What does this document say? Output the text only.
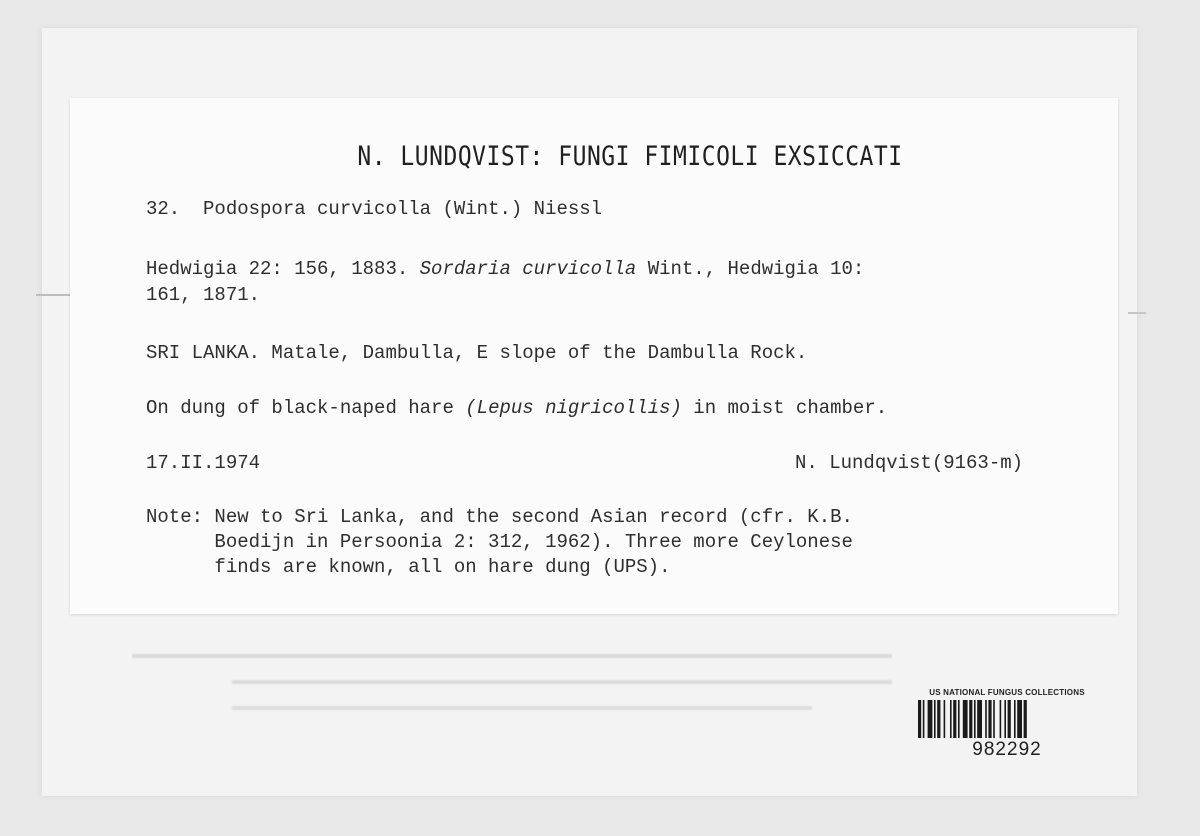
N. LUNDQVIST: FUNGI FIMICOLI EXSICCATI
32.  Podospora curvicolla (Wint.) Niessl
Hedwigia 22: 156, 1883. Sordaria curvicolla Wint., Hedwigia 10:
161, 1871.
SRI LANKA. Matale, Dambulla, E slope of the Dambulla Rock.
On dung of black-naped hare (Lepus nigricollis) in moist chamber.
17.II.1974	N. Lundqvist(9163-m)
Note: New to Sri Lanka, and the second Asian record (cfr. K.B.
Boedijn in Persoonia 2: 312, 1962). Three more Ceylonese
finds are known, all on hare dung (UPS).

US NATIONAL FUNGUS COLLECTIONS
982292
